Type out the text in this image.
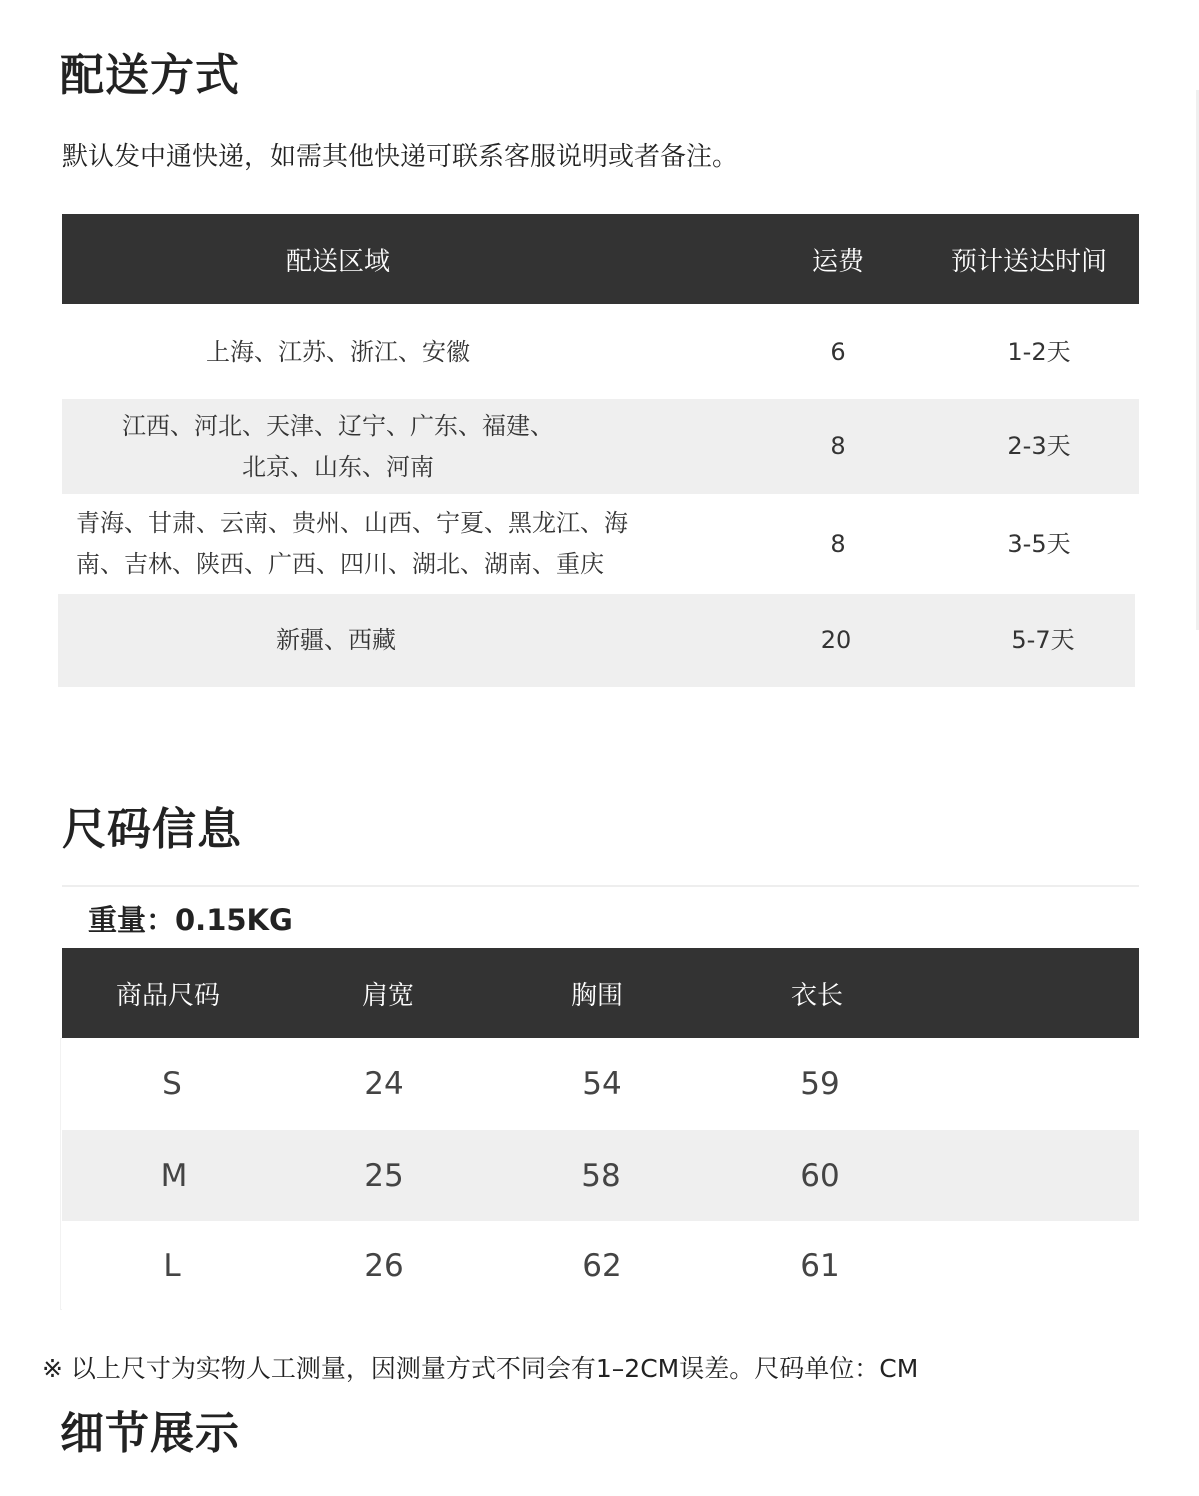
配送方式
默认发中通快递，如需其他快递可联系客服说明或者备注。
配送区域	运费	预计送达时间
上海、江苏、浙江、安徽	6	1-2天
江西、河北、天津、辽宁、广东、福建、
北京、山东、河南
8	2-3天
青海、甘肃、云南、贵州、山西、宁夏、黑龙江、海
南、吉林、陕西、广西、四川、湖北、湖南、重庆
8	3-5天
新疆、西藏	20	5-7天
尺码信息
重量：0.15KG
商品尺码	肩宽	胸围	衣长
S	24	54	59
M	25	58	60
L	26	62	61
※ 以上尺寸为实物人工测量，因测量方式不同会有1–2CM误差。尺码单位：CM
细节展示
